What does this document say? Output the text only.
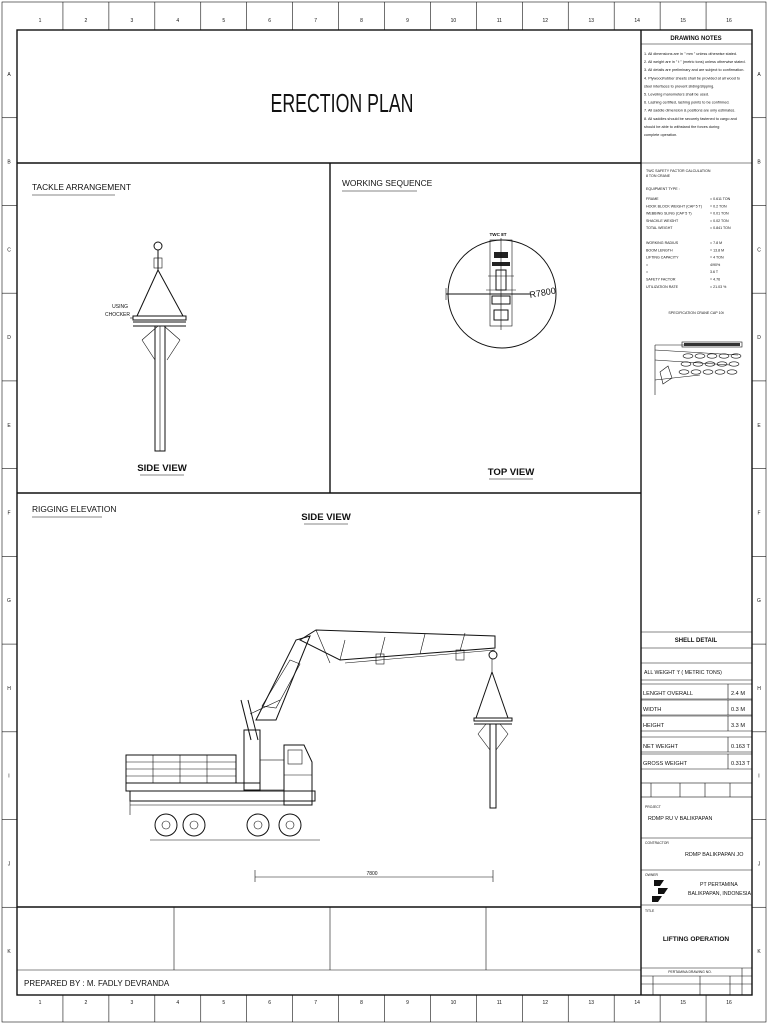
1	2	3	4	5	6	7	8	9	10	11	12	13	14	15	16
1	2	3	4	5	6	7	8	9	10	11	12	13	14	15	16
A
B
C
D
E
F
G
H
I
J
K
A
B
C
D
E
F
G
H
I
J
K
ERECTION PLAN
DRAWING NOTES
1. All dimensions are in " mm " unless otherwise stated.
2. All weight are in " t " (metric tons) unless otherwise stated.
3. All details are preliminary and are subject to confirmation.
4. Plywood/rubber sheets shall be provided at all wood to
steel interfaces to prevent sliding/slipping.
5. Leveling manometers shall be used.
6. Lashing certified, lashing points to be confirmed.
7. All saddle dimension & positions are only estimates.
8. All saddles should be securely fastened to cargo and
should be able to withstand the forces during
complete operation.
TWC SAFETY FACTOR CALCULATION
8 TON CRANE
EQUIPMENT TYPE :
FRAME	= 0.611 TON
HOOK BLOCK WEIGHT (CAP 5 T) = 0.2 TON
WEBBING SLING (CAP 5 T)	= 0.01 TON
SHACKLE WEIGHT	= 0.02 TON
TOTAL WEIGHT	= 0.841 TON
WORKING RADIUS	= 7.8 M
BOOM LENGTH	= 13.8 M
LIFTING CAPACITY	= 4 TON
=	4/90%
=	3.6 T
SAFETY FACTOR	= 4.76
UTILIZATION RATE	= 21.03 %
SPECIFICATION CRANE CAP 10t
SHELL DETAIL
ALL WEIGHT 't' ( METRIC TONS)
LENGHT OVERALL	2.4 M
WIDTH	0.3 M
HEIGHT	3.3 M
NET WEIGHT	0.163 T
GROSS WEIGHT	0.313 T
PROJECT
RDMP RU V BALIKPAPAN
CONTRACTOR
RDMP BALIKPAPAN JO
OWNER
PT PERTAMINA
BALIKPAPAN, INDONESIA
TITLE
LIFTING OPERATION
PERTAMINA DRAWING NO.
TACKLE ARRANGEMENT
USING
CHOCKER
SIDE VIEW
WORKING SEQUENCE
TWC 8T
R7800
TOP VIEW
RIGGING ELEVATION
SIDE VIEW
7800
PREPARED BY : M. FADLY DEVRANDA
